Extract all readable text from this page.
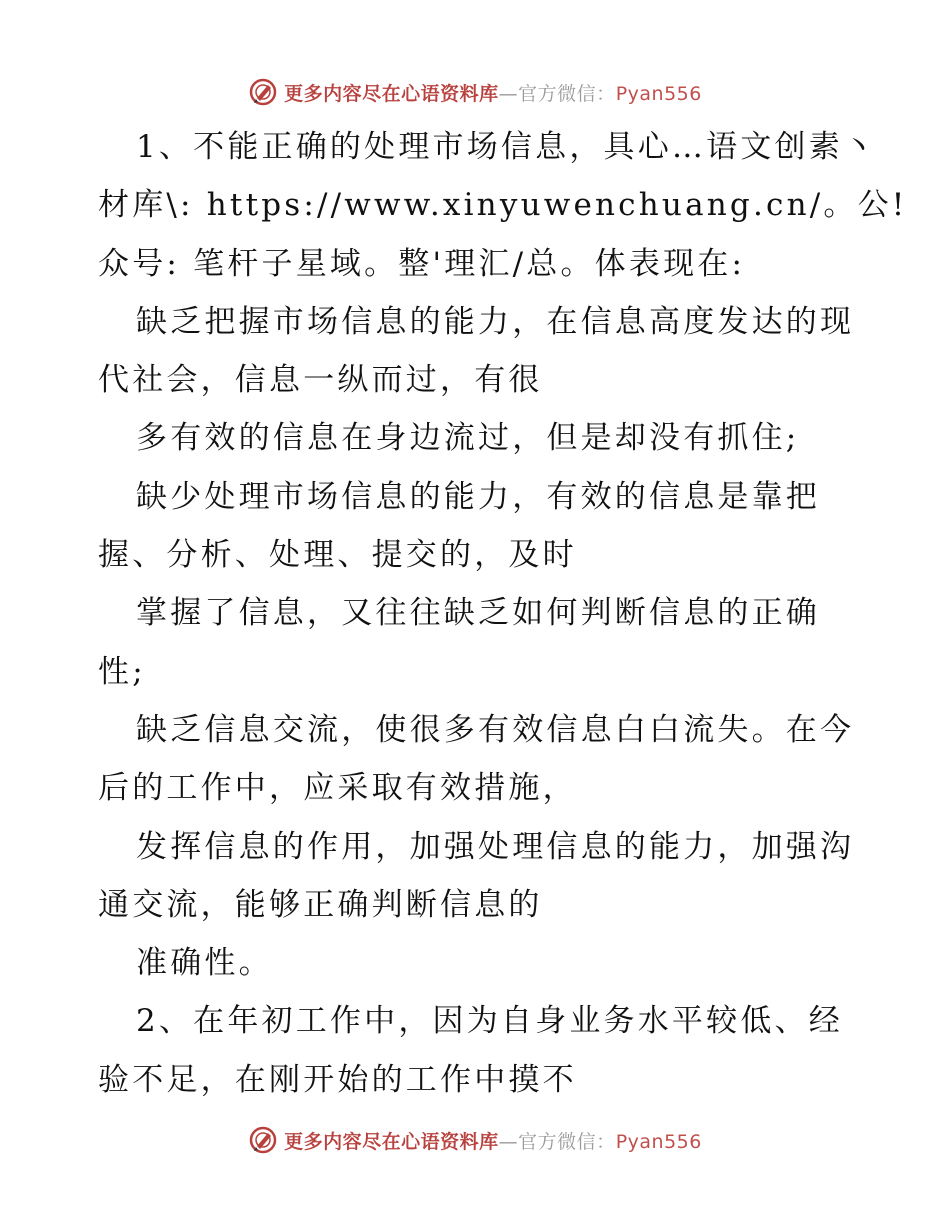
更多内容尽在心语资料库—官方微信：Pyan556
1、不能正确的处理市场信息，具心…语文创素丶
材库\: https://www.xinyuwenchuang.cn/。公!
众号: 笔杆子星域。整'理汇/总。体表现在:
缺乏把握市场信息的能力，在信息高度发达的现
代社会，信息一纵而过，有很
多有效的信息在身边流过，但是却没有抓住;
缺少处理市场信息的能力，有效的信息是靠把
握、分析、处理、提交的，及时
掌握了信息，又往往缺乏如何判断信息的正确
性;
缺乏信息交流，使很多有效信息白白流失。在今
后的工作中，应采取有效措施，
发挥信息的作用，加强处理信息的能力，加强沟
通交流，能够正确判断信息的
准确性。
2、在年初工作中，因为自身业务水平较低、经
验不足，在刚开始的工作中摸不
更多内容尽在心语资料库—官方微信：Pyan556
